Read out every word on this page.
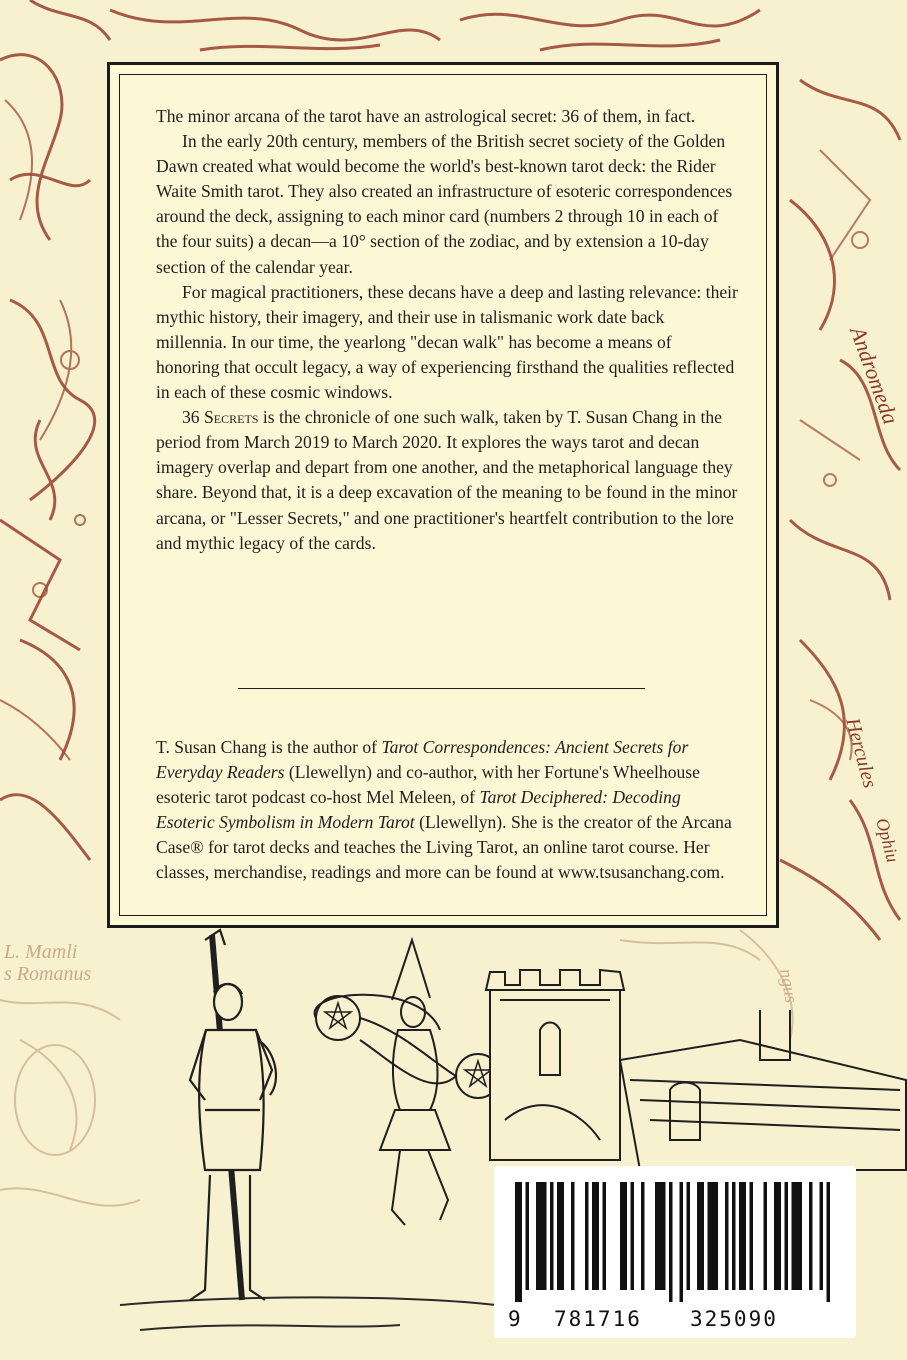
Andromeda
Hercules
Ophiu
L. Mamli
s Romanus	ngus

The minor arcana of the tarot have an astrological secret: 36 of them, in fact.

In the early 20th century, members of the British secret society of the Golden Dawn created what would become the world's best-known tarot deck: the Rider Waite Smith tarot. They also created an infrastructure of esoteric correspondences around the deck, assigning to each minor card (numbers 2 through 10 in each of the four suits) a decan—a 10° section of the zodiac, and by extension a 10-day section of the calendar year.

For magical practitioners, these decans have a deep and lasting relevance: their mythic history, their imagery, and their use in talismanic work date back millennia. In our time, the yearlong "decan walk" has become a means of honoring that occult legacy, a way of experiencing firsthand the qualities reflected in each of these cosmic windows.

36 Secrets is the chronicle of one such walk, taken by T. Susan Chang in the period from March 2019 to March 2020. It explores the ways tarot and decan imagery overlap and depart from one another, and the metaphorical language they share. Beyond that, it is a deep excavation of the meaning to be found in the minor arcana, or "Lesser Secrets," and one practitioner's heartfelt contribution to the lore and mythic legacy of the cards.

T. Susan Chang is the author of Tarot Correspondences: Ancient Secrets for Everyday Readers (Llewellyn) and co-author, with her Fortune's Wheelhouse esoteric tarot podcast co-host Mel Meleen, of Tarot Deciphered: Decoding Esoteric Symbolism in Modern Tarot (Llewellyn). She is the creator of the Arcana Case® for tarot decks and teaches the Living Tarot, an online tarot course. Her classes, merchandise, readings and more can be found at www.tsusanchang.com.

9 781716 325090
